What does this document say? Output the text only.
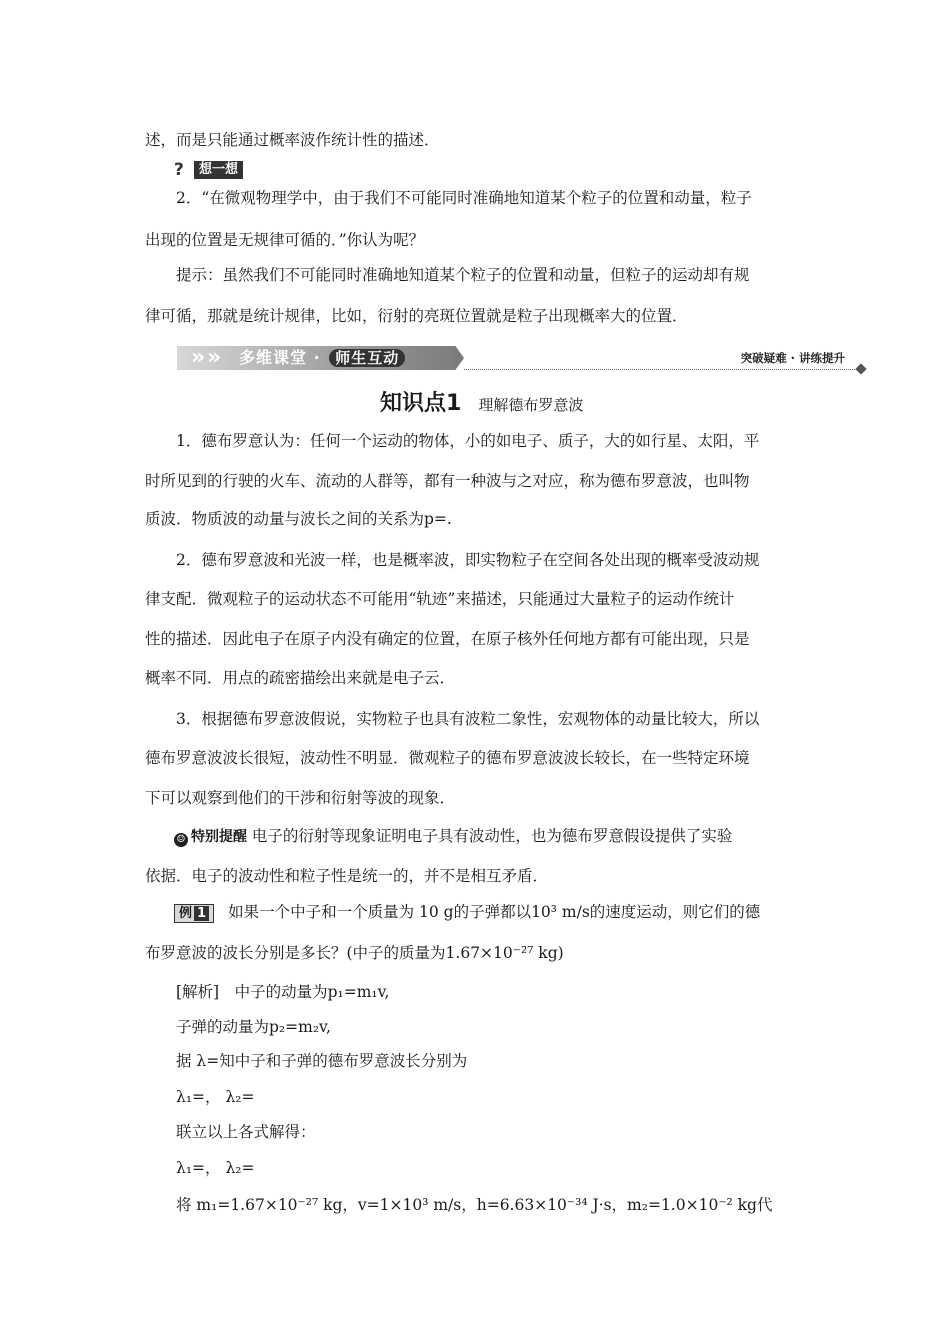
述，而是只能通过概率波作统计性的描述．
?	想一想
2．“在微观物理学中，由于我们不可能同时准确地知道某个粒子的位置和动量，粒子
出现的位置是无规律可循的．”你认为呢？
提示：虽然我们不可能同时准确地知道某个粒子的位置和动量，但粒子的运动却有规
律可循，那就是统计规律，比如，衍射的亮斑位置就是粒子出现概率大的位置．
» » 多维课堂 · 师生互动	突破疑难 · 讲练提升
知识点1 理解德布罗意波
1．德布罗意认为：任何一个运动的物体，小的如电子、质子，大的如行星、太阳，平
时所见到的行驶的火车、流动的人群等，都有一种波与之对应，称为德布罗意波，也叫物
质波．物质波的动量与波长之间的关系为p=.
2．德布罗意波和光波一样，也是概率波，即实物粒子在空间各处出现的概率受波动规
律支配．微观粒子的运动状态不可能用“轨迹”来描述，只能通过大量粒子的运动作统计
性的描述．因此电子在原子内没有确定的位置，在原子核外任何地方都有可能出现，只是
概率不同．用点的疏密描绘出来就是电子云．
3．根据德布罗意波假说，实物粒子也具有波粒二象性，宏观物体的动量比较大，所以
德布罗意波波长很短，波动性不明显．微观粒子的德布罗意波波长较长，在一些特定环境
下可以观察到他们的干涉和衍射等波的现象．
☺ 特别提醒 电子的衍射等现象证明电子具有波动性，也为德布罗意假设提供了实验
依据．电子的波动性和粒子性是统一的，并不是相互矛盾．
例 1 如果一个中子和一个质量为 10 g的子弹都以10³ m/s的速度运动，则它们的德
布罗意波的波长分别是多长？(中子的质量为1.67×10⁻²⁷ kg)
[解析]　中子的动量为p₁=m₁v,
子弹的动量为p₂=m₂v,
据 λ=知中子和子弹的德布罗意波长分别为
λ₁=， λ₂=
联立以上各式解得：
λ₁=， λ₂=
将 m₁=1.67×10⁻²⁷ kg，v=1×10³ m/s，h=6.63×10⁻³⁴ J·s，m₂=1.0×10⁻² kg代
